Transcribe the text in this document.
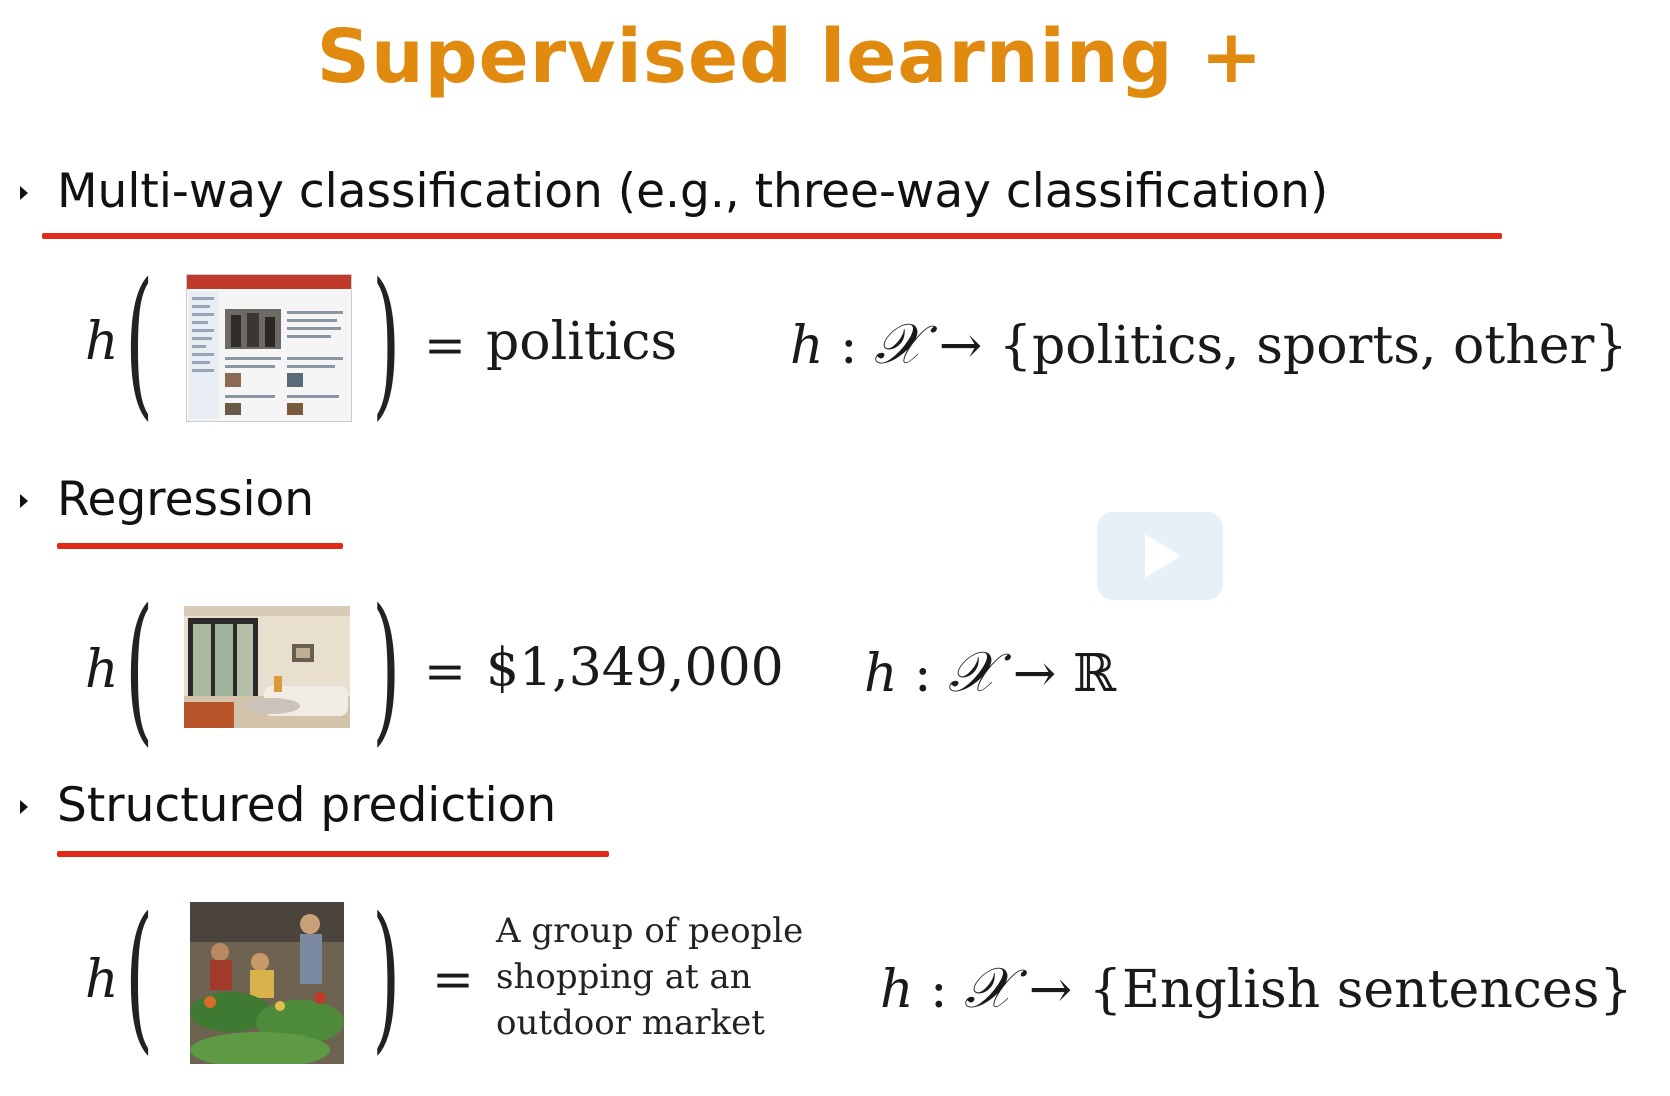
Supervised learning +
Multi-way classification (e.g., three-way classification)
h ( ) = politics h : 𝒳 → {politics, sports, other}
Regression
h ( ) = $1,349,000 h : 𝒳 → ℝ
Structured prediction
h ( ) =
A group of people
shopping at an
outdoor market
h : 𝒳 → {English sentences}
